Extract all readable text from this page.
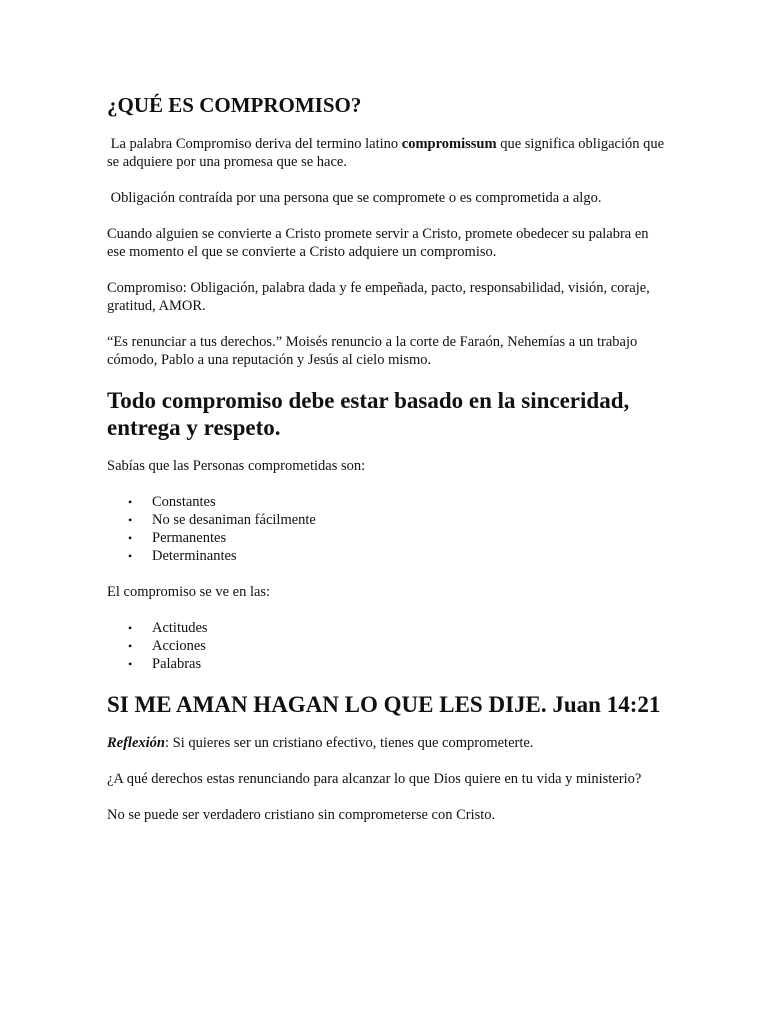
¿QUÉ ES COMPROMISO?

La palabra Compromiso deriva del termino latino compromissum que significa obligación que se adquiere por una promesa que se hace.

Obligación contraída por una persona que se compromete o es comprometida a algo.

Cuando alguien se convierte a Cristo promete servir a Cristo, promete obedecer su palabra en ese momento el que se convierte a Cristo adquiere un compromiso.

Compromiso: Obligación, palabra dada y fe empeñada, pacto, responsabilidad, visión, coraje, gratitud, AMOR.

“Es renunciar a tus derechos.” Moisés renuncio a la corte de Faraón, Nehemías a un trabajo cómodo, Pablo a una reputación y Jesús al cielo mismo.

Todo compromiso debe estar basado en la sinceridad, entrega y respeto.

Sabías que las Personas comprometidas son:

• Constantes
• No se desaniman fácilmente
• Permanentes
• Determinantes

El compromiso se ve en las:

• Actitudes
• Acciones
• Palabras
SI ME AMAN HAGAN LO QUE LES DIJE. Juan 14:21

Reflexión: Si quieres ser un cristiano efectivo, tienes que comprometerte.

¿A qué derechos estas renunciando para alcanzar lo que Dios quiere en tu vida y ministerio?

No se puede ser verdadero cristiano sin comprometerse con Cristo.
